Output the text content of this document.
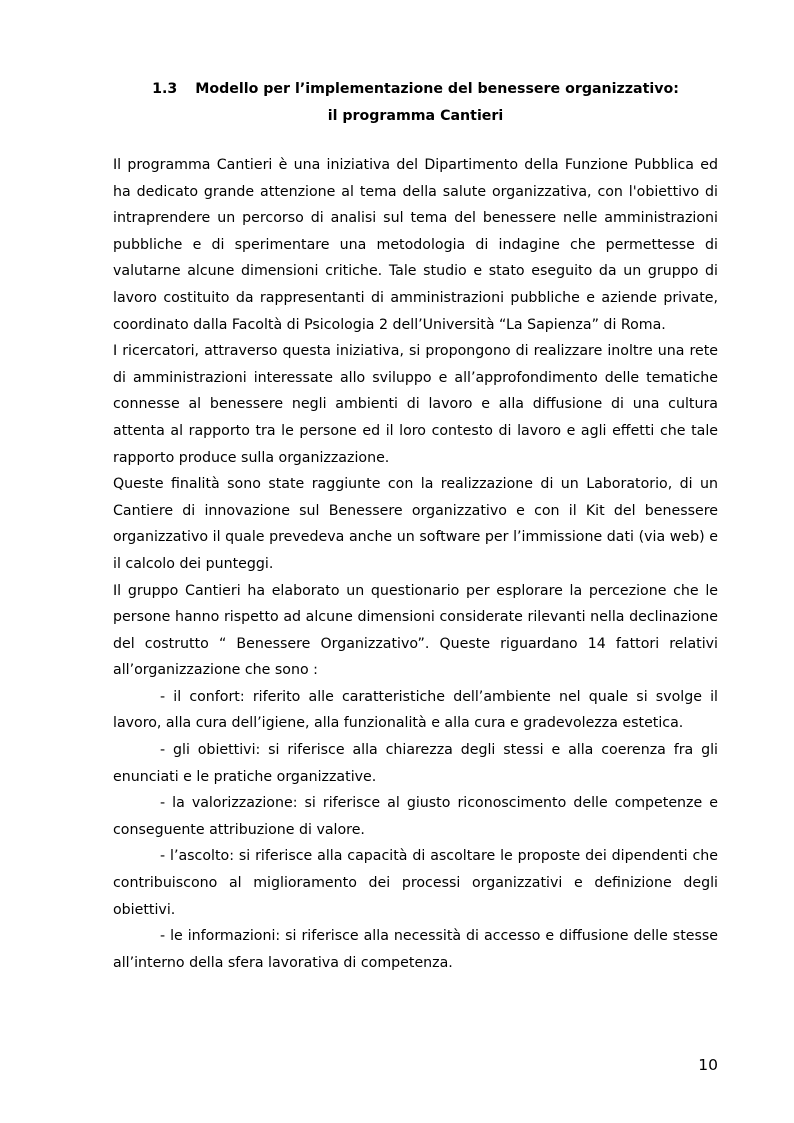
1.3 Modello per l’implementazione del benessere organizzativo:
il programma Cantieri

Il programma Cantieri è una iniziativa del Dipartimento della Funzione Pubblica ed ha dedicato grande attenzione al tema della salute organizzativa, con l'obiettivo di intraprendere un percorso di analisi sul tema del benessere nelle amministrazioni pubbliche e di sperimentare una metodologia di indagine che permettesse di valutarne alcune dimensioni critiche. Tale studio e stato eseguito da un gruppo di lavoro costituito da rappresentanti di amministrazioni pubbliche e aziende private, coordinato dalla Facoltà di Psicologia 2 dell’Università “La Sapienza” di Roma.

I ricercatori, attraverso questa iniziativa, si propongono di realizzare inoltre una rete di amministrazioni interessate allo sviluppo e all’approfondimento delle tematiche connesse al benessere negli ambienti di lavoro e alla diffusione di una cultura attenta al rapporto tra le persone ed il loro contesto di lavoro e agli effetti che tale rapporto produce sulla organizzazione.

Queste finalità sono state raggiunte con la realizzazione di un Laboratorio, di un Cantiere di innovazione sul Benessere organizzativo e con il Kit del benessere organizzativo il quale prevedeva anche un software per l’immissione dati (via web) e il calcolo dei punteggi.

Il gruppo Cantieri ha elaborato un questionario per esplorare la percezione che le persone hanno rispetto ad alcune dimensioni considerate rilevanti nella declinazione del costrutto “ Benessere Organizzativo”. Queste riguardano 14 fattori relativi all’organizzazione che sono :

- il confort: riferito alle caratteristiche dell’ambiente nel quale si svolge il lavoro, alla cura dell’igiene, alla funzionalità e alla cura e gradevolezza estetica.

- gli obiettivi: si riferisce alla chiarezza degli stessi e alla coerenza fra gli enunciati e le pratiche organizzative.

- la valorizzazione: si riferisce al giusto riconoscimento delle competenze e conseguente attribuzione di valore.

- l’ascolto: si riferisce alla capacità di ascoltare le proposte dei dipendenti che contribuiscono al miglioramento dei processi organizzativi e definizione degli obiettivi.

- le informazioni: si riferisce alla necessità di accesso e diffusione delle stesse all’interno della sfera lavorativa di competenza.

10
